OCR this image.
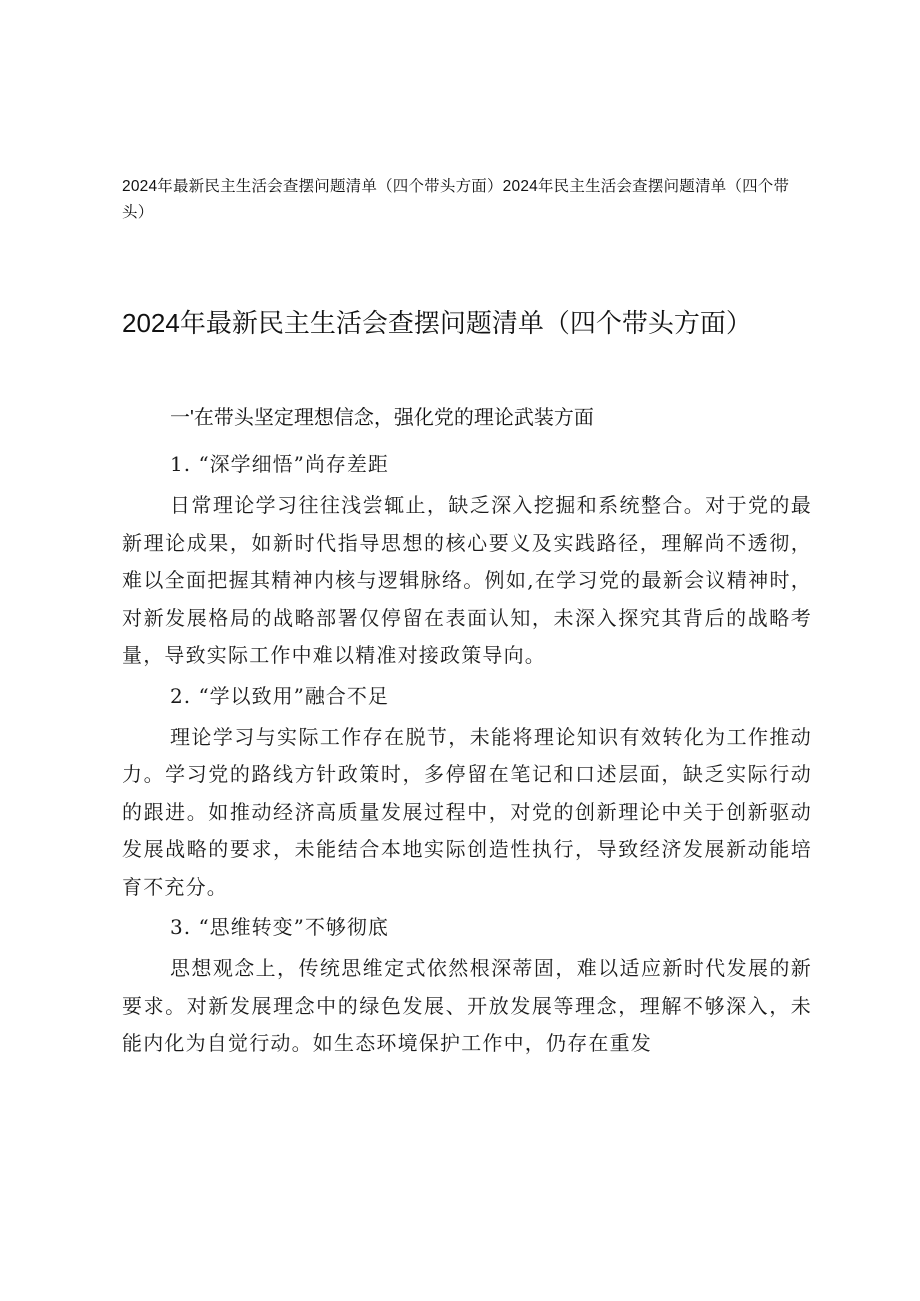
2024年最新民主生活会查摆问题清单（四个带头方面）2024年民主生活会查摆问题清单（四个带头）
2024年最新民主生活会查摆问题清单（四个带头方面）
一'在带头坚定理想信念，强化党的理论武装方面

1. “深学细悟”尚存差距

日常理论学习往往浅尝辄止，缺乏深入挖掘和系统整合。对于党的最新理论成果，如新时代指导思想的核心要义及实践路径，理解尚不透彻，难以全面把握其精神内核与逻辑脉络。例如,在学习党的最新会议精神时，对新发展格局的战略部署仅停留在表面认知，未深入探究其背后的战略考量，导致实际工作中难以精准对接政策导向。

2. “学以致用”融合不足

理论学习与实际工作存在脱节，未能将理论知识有效转化为工作推动力。学习党的路线方针政策时，多停留在笔记和口述层面，缺乏实际行动的跟进。如推动经济高质量发展过程中，对党的创新理论中关于创新驱动发展战略的要求，未能结合本地实际创造性执行，导致经济发展新动能培育不充分。

3. “思维转变”不够彻底

思想观念上，传统思维定式依然根深蒂固，难以适应新时代发展的新要求。对新发展理念中的绿色发展、开放发展等理念，理解不够深入，未能内化为自觉行动。如生态环境保护工作中，仍存在重发
